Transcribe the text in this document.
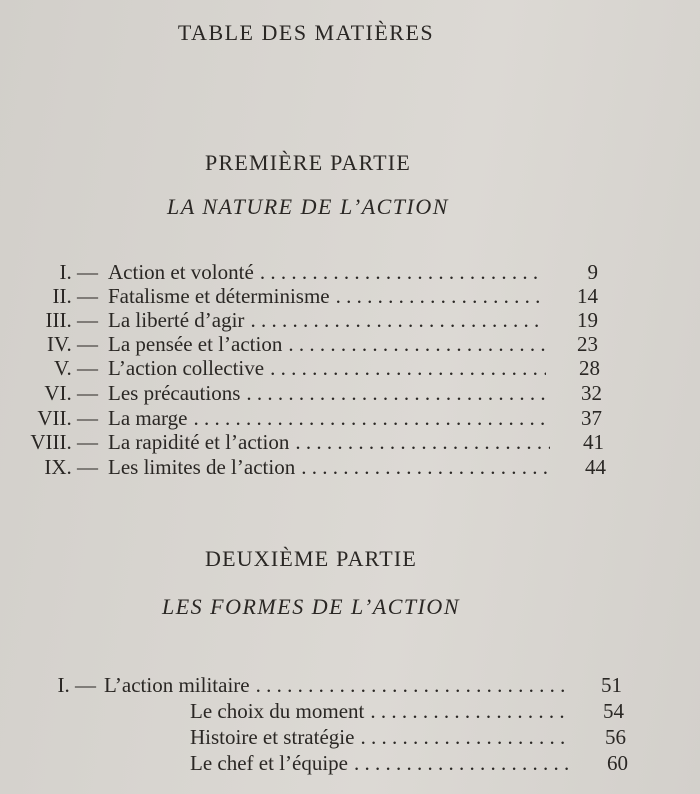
TABLE DES MATIÈRES
PREMIÈRE PARTIE
LA NATURE DE L’ACTION
I. — Action et volonté . . .	9
II. — Fatalisme et déterminisme . . .	14
III. — La liberté d’agir . . .	19
IV. — La pensée et l’action . . .	23
V. — L’action collective . . .	28
VI. — Les précautions . . .	32
VII. — La marge . . .	37
VIII. — La rapidité et l’action . . .	41
IX. — Les limites de l’action . . .	44
DEUXIÈME PARTIE
LES FORMES DE L’ACTION
I. — L’action militaire . . .	51
Le choix du moment . . .	54
Histoire et stratégie . . .	56
Le chef et l’équipe . . .	60
